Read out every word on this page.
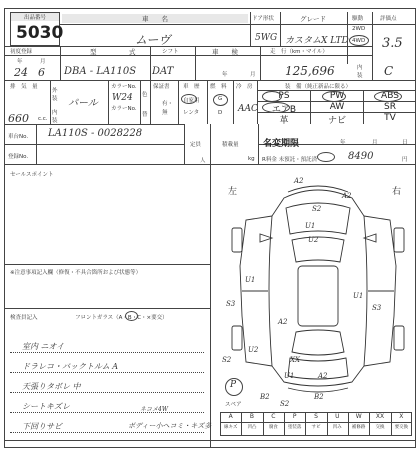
出品番号
5030
車　　名
ムーヴ
ドア形状
5WG
グレード
カスタムX LTD
駆動
2WD
4WD
評価点
3.5
初度登録
年	月
24 6
型　　　　　式
DBA - LA110S
シフト
DAT
車　　検
年	月
走　行（km・マイル）
125,696	内装	C
排　気　量
660 c.c.
外装
内装
パール
カラーNo.
W24
カラーNo.
色
替
保証書
有・無
車　歴
自家用
レンタ
燃　料
G
D
冷　房
AAC
装　備（純正新品に限る）
PS	PW	ABS
エアB	AW	SR
革	ナビ	TV
車台No. LA110S - 0028228
登録No.
定員
人
積載量
kg
名変期限	年	月	日
R料金 未預託・預託済	8490	円
セールスポイント
※注意事項記入欄（修復・不具合箇所および状態等）
検査員記入	フロントガラス（A・B・C・×要交）
室内 ニオイ
ドラレコ・バックトルム A
天張りタボレ 中
シートキズレ
下回りサビ
ネコメ4W
ボディー小ヘコミ・キズ多
左	右
A2
A2
S2
U1
U2
U1
S3
U1
S3
A2
U2
S2	XX
U1	A2
B2
S2
B2
P
スペア
A
線キズ
B
凹凸
C
腐食
P
塗装落
S
サビ
U
凹み
W
補修跡
XX
交換
X
要交換
